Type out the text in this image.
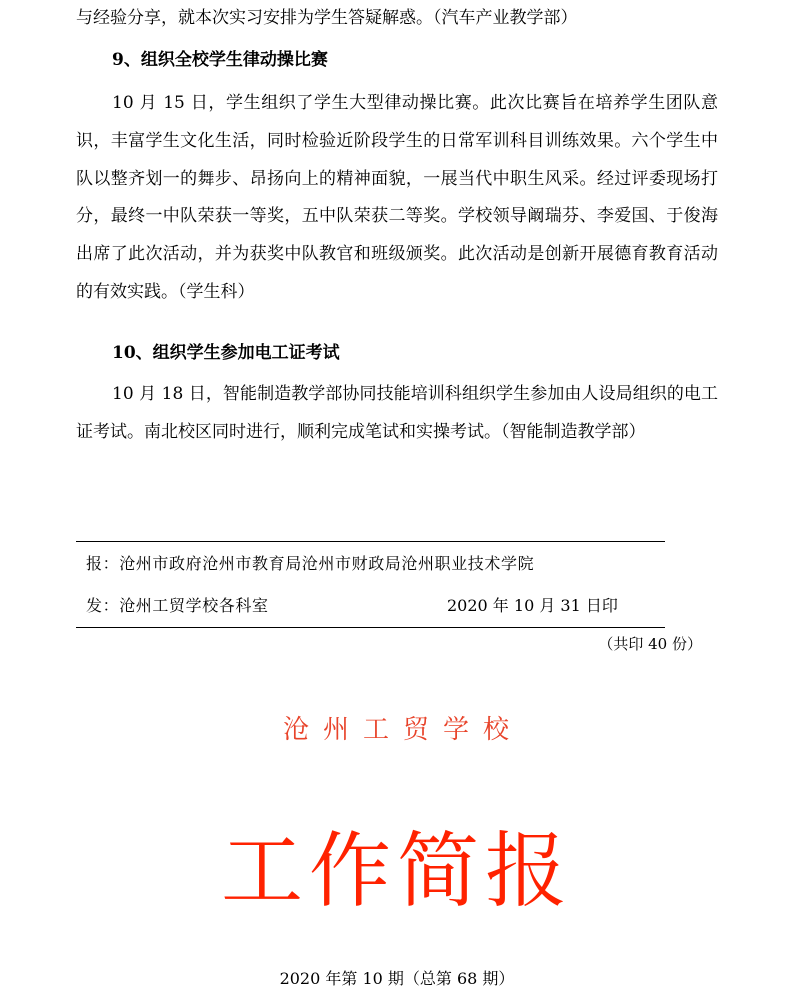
与经验分享，就本次实习安排为学生答疑解惑。（汽车产业教学部）

9、组织全校学生律动操比赛

10 月 15 日，学生组织了学生大型律动操比赛。此次比赛旨在培养学生团队意识，丰富学生文化生活，同时检验近阶段学生的日常军训科目训练效果。六个学生中队以整齐划一的舞步、昂扬向上的精神面貌，一展当代中职生风采。经过评委现场打分，最终一中队荣获一等奖，五中队荣获二等奖。学校领导阚瑞芬、李爱国、于俊海出席了此次活动，并为获奖中队教官和班级颁奖。此次活动是创新开展德育教育活动的有效实践。（学生科）

10、组织学生参加电工证考试

10 月 18 日，智能制造教学部协同技能培训科组织学生参加由人设局组织的电工证考试。南北校区同时进行，顺利完成笔试和实操考试。（智能制造教学部）

报：沧州市政府沧州市教育局沧州市财政局沧州职业技术学院
发：沧州工贸学校各科室	2020 年 10 月 31 日印
（共印 40 份）
沧州工贸学校
工作简报
2020 年第 10 期（总第 68 期）
